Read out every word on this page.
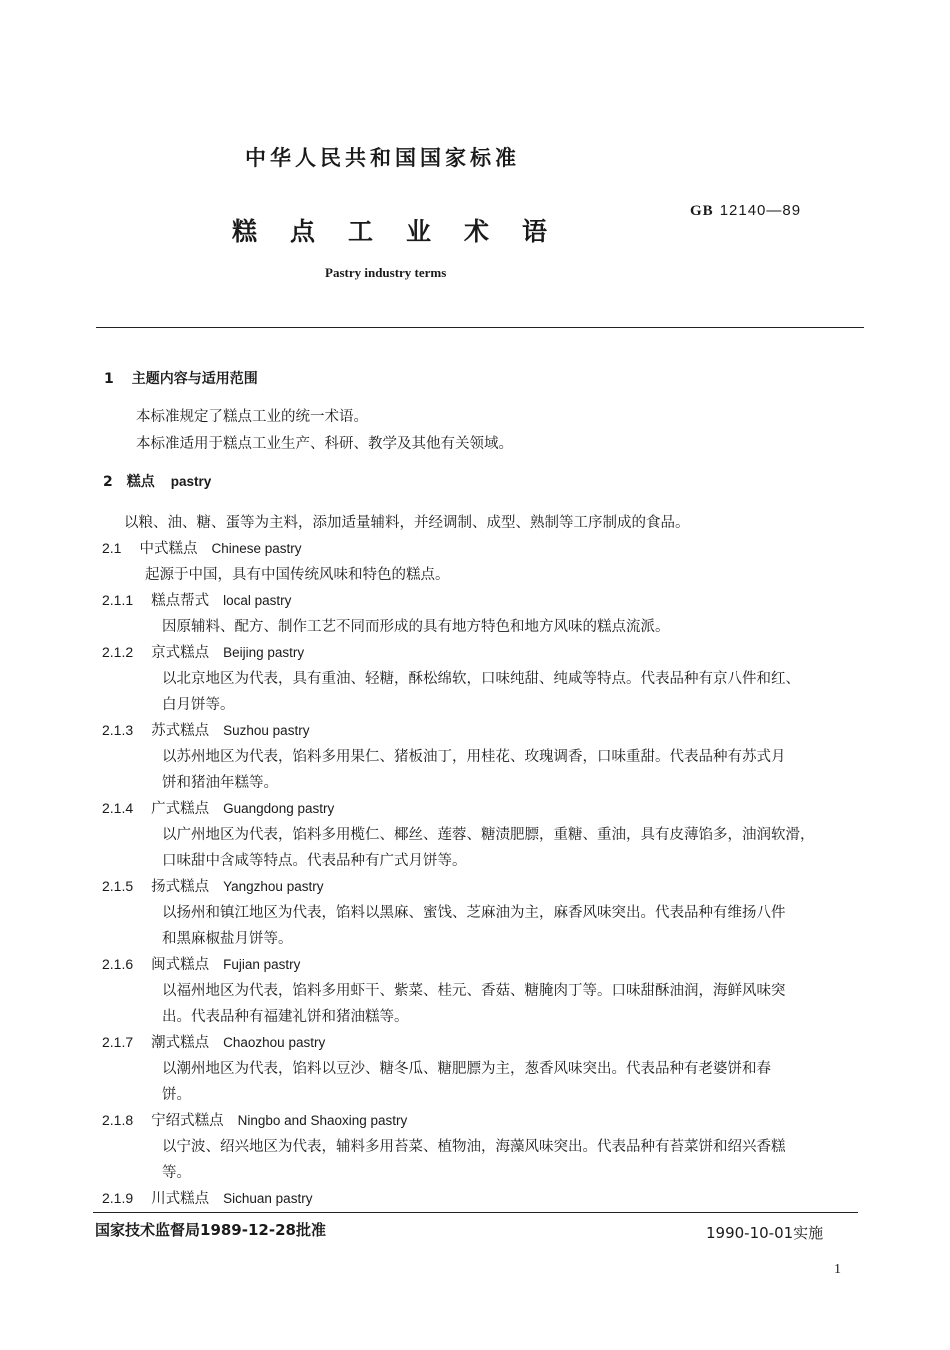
中华人民共和国国家标准
糕点工业术语
Pastry industry terms
GB 12140—89
1 主题内容与适用范围
本标准规定了糕点工业的统一术语。
本标准适用于糕点工业生产、科研、教学及其他有关领域。
2 糕点 pastry
以粮、油、糖、蛋等为主料，添加适量辅料，并经调制、成型、熟制等工序制成的食品。
2.1 中式糕点 Chinese pastry
起源于中国，具有中国传统风味和特色的糕点。
2.1.1 糕点帮式 local pastry
因原辅料、配方、制作工艺不同而形成的具有地方特色和地方风味的糕点流派。
2.1.2 京式糕点 Beijing pastry
以北京地区为代表，具有重油、轻糖，酥松绵软，口味纯甜、纯咸等特点。代表品种有京八件和红、
白月饼等。
2.1.3 苏式糕点 Suzhou pastry
以苏州地区为代表，馅料多用果仁、猪板油丁，用桂花、玫瑰调香，口味重甜。代表品种有苏式月
饼和猪油年糕等。
2.1.4 广式糕点 Guangdong pastry
以广州地区为代表，馅料多用榄仁、椰丝、莲蓉、糖渍肥膘，重糖、重油，具有皮薄馅多，油润软滑，
口味甜中含咸等特点。代表品种有广式月饼等。
2.1.5 扬式糕点 Yangzhou pastry
以扬州和镇江地区为代表，馅料以黑麻、蜜饯、芝麻油为主，麻香风味突出。代表品种有维扬八件
和黑麻椒盐月饼等。
2.1.6 闽式糕点 Fujian pastry
以福州地区为代表，馅料多用虾干、紫菜、桂元、香菇、糖腌肉丁等。口味甜酥油润，海鲜风味突
出。代表品种有福建礼饼和猪油糕等。
2.1.7 潮式糕点 Chaozhou pastry
以潮州地区为代表，馅料以豆沙、糖冬瓜、糖肥膘为主，葱香风味突出。代表品种有老婆饼和春
饼。
2.1.8 宁绍式糕点 Ningbo and Shaoxing pastry
以宁波、绍兴地区为代表，辅料多用苔菜、植物油，海藻风味突出。代表品种有苔菜饼和绍兴香糕
等。
2.1.9 川式糕点 Sichuan pastry
国家技术监督局1989-12-28批准	1990-10-01实施
1
